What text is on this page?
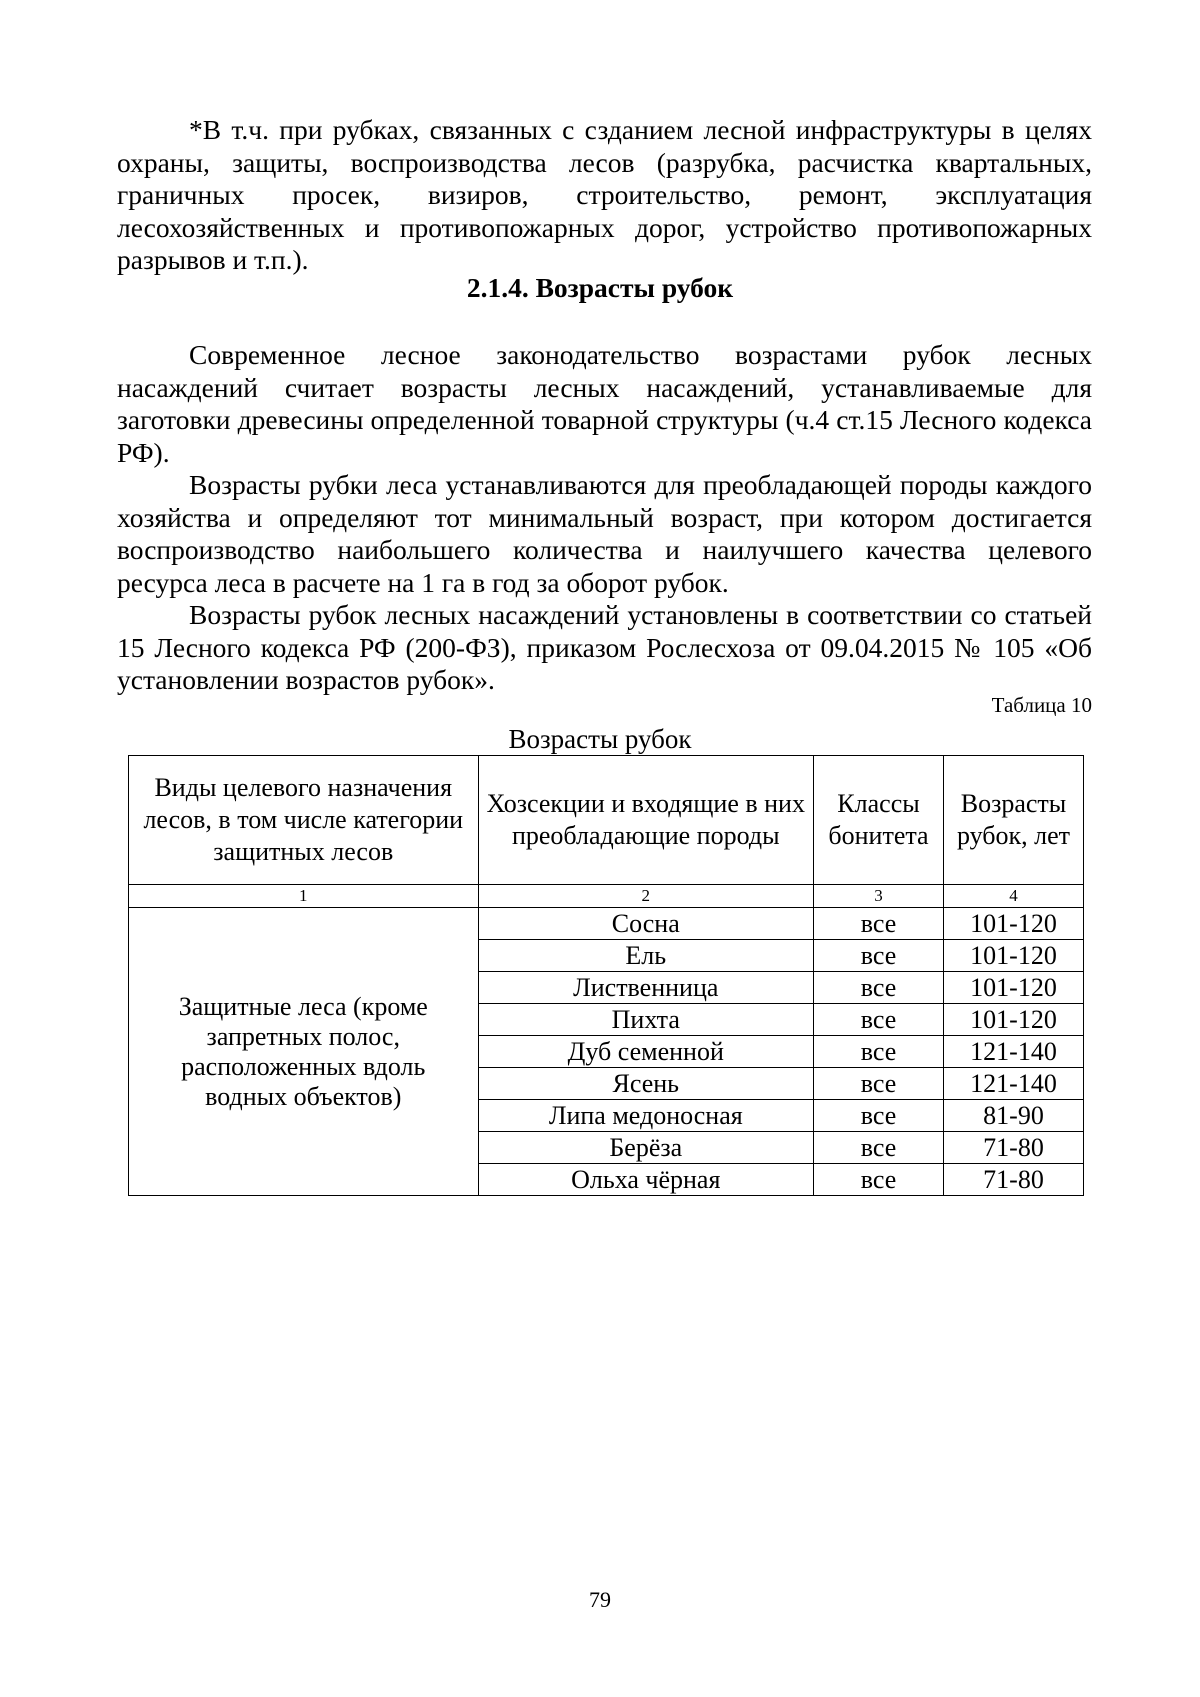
*В т.ч. при рубках, связанных с сзданием лесной инфраструктуры в целях охраны, защиты, воспроизводства лесов (разрубка, расчистка квартальных, граничных просек, визиров, строительство, ремонт, эксплуатация лесохозяйственных и противопожарных дорог, устройство противопожарных разрывов и т.п.).

2.1.4. Возрасты рубок

Современное лесное законодательство возрастами рубок лесных насаждений считает возрасты лесных насаждений, устанавливаемые для заготовки древесины определенной товарной структуры (ч.4 ст.15 Лесного кодекса РФ).

Возрасты рубки леса устанавливаются для преобладающей породы каждого хозяйства и определяют тот минимальный возраст, при котором достигается воспроизводство наибольшего количества и наилучшего качества целевого ресурса леса в расчете на 1 га в год за оборот рубок.

Возрасты рубок лесных насаждений установлены в соответствии со статьей 15 Лесного кодекса РФ (200-ФЗ), приказом Рослесхоза от 09.04.2015 № 105 «Об установлении возрастов рубок».

Таблица 10
Возрасты рубок
Виды целевого назначения лесов, в том числе категории защитных лесов	Хозсекции и входящие в них преобладающие породы	Классы бонитета	Возрасты рубок, лет
1	2	3	4
Защитные леса (кроме запретных полос, расположенных вдоль водных объектов)	Сосна	все	101-120
	Ель	все	101-120
	Лиственница	все	101-120
	Пихта	все	101-120
	Дуб семенной	все	121-140
	Ясень	все	121-140
	Липа медоносная	все	81-90
	Берёза	все	71-80
	Ольха чёрная	все	71-80
79
